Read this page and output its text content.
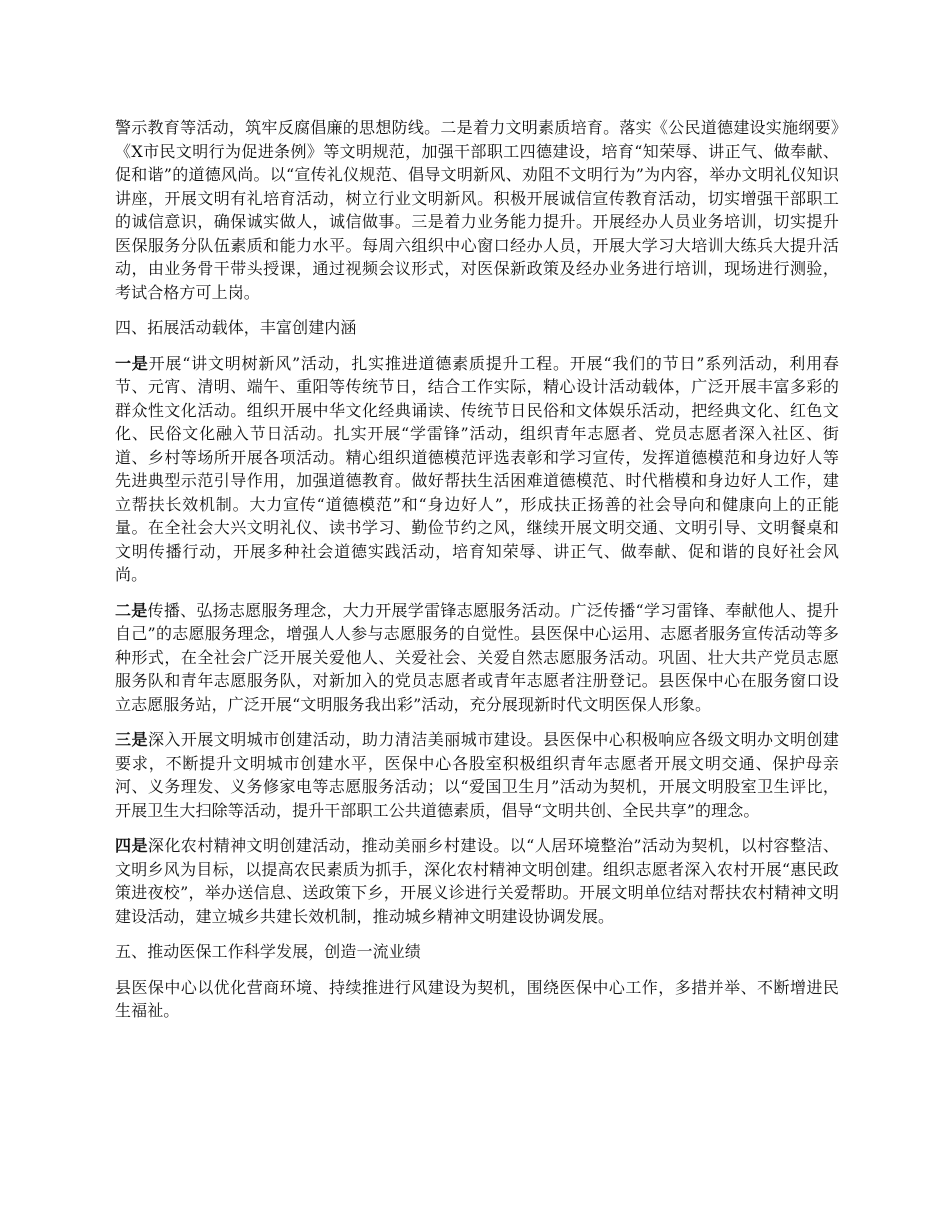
警示教育等活动，筑牢反腐倡廉的思想防线。二是着力文明素质培育。落实《公民道德建设实施纲要》《X市民文明行为促进条例》等文明规范，加强干部职工四德建设，培育“知荣辱、讲正气、做奉献、促和谐”的道德风尚。以“宣传礼仪规范、倡导文明新风、劝阻不文明行为”为内容，举办文明礼仪知识讲座，开展文明有礼培育活动，树立行业文明新风。积极开展诚信宣传教育活动，切实增强干部职工的诚信意识，确保诚实做人，诚信做事。三是着力业务能力提升。开展经办人员业务培训，切实提升医保服务分队伍素质和能力水平。每周六组织中心窗口经办人员，开展大学习大培训大练兵大提升活动，由业务骨干带头授课，通过视频会议形式，对医保新政策及经办业务进行培训，现场进行测验，考试合格方可上岗。

四、拓展活动载体，丰富创建内涵

一是开展“讲文明树新风”活动，扎实推进道德素质提升工程。开展“我们的节日”系列活动，利用春节、元宵、清明、端午、重阳等传统节日，结合工作实际，精心设计活动载体，广泛开展丰富多彩的群众性文化活动。组织开展中华文化经典诵读、传统节日民俗和文体娱乐活动，把经典文化、红色文化、民俗文化融入节日活动。扎实开展“学雷锋”活动，组织青年志愿者、党员志愿者深入社区、街道、乡村等场所开展各项活动。精心组织道德模范评选表彰和学习宣传，发挥道德模范和身边好人等先进典型示范引导作用，加强道德教育。做好帮扶生活困难道德模范、时代楷模和身边好人工作，建立帮扶长效机制。大力宣传“道德模范”和“身边好人”，形成扶正扬善的社会导向和健康向上的正能量。在全社会大兴文明礼仪、读书学习、勤俭节约之风，继续开展文明交通、文明引导、文明餐桌和文明传播行动，开展多种社会道德实践活动，培育知荣辱、讲正气、做奉献、促和谐的良好社会风尚。

二是传播、弘扬志愿服务理念，大力开展学雷锋志愿服务活动。广泛传播“学习雷锋、奉献他人、提升自己”的志愿服务理念，增强人人参与志愿服务的自觉性。县医保中心运用、志愿者服务宣传活动等多种形式，在全社会广泛开展关爱他人、关爱社会、关爱自然志愿服务活动。巩固、壮大共产党员志愿服务队和青年志愿服务队，对新加入的党员志愿者或青年志愿者注册登记。县医保中心在服务窗口设立志愿服务站，广泛开展“文明服务我出彩”活动，充分展现新时代文明医保人形象。

三是深入开展文明城市创建活动，助力清洁美丽城市建设。县医保中心积极响应各级文明办文明创建要求，不断提升文明城市创建水平，医保中心各股室积极组织青年志愿者开展文明交通、保护母亲河、义务理发、义务修家电等志愿服务活动；以“爱国卫生月”活动为契机，开展文明股室卫生评比，开展卫生大扫除等活动，提升干部职工公共道德素质，倡导“文明共创、全民共享”的理念。

四是深化农村精神文明创建活动，推动美丽乡村建设。以“人居环境整治”活动为契机，以村容整洁、文明乡风为目标，以提高农民素质为抓手，深化农村精神文明创建。组织志愿者深入农村开展“惠民政策进夜校”，举办送信息、送政策下乡，开展义诊进行关爱帮助。开展文明单位结对帮扶农村精神文明建设活动，建立城乡共建长效机制，推动城乡精神文明建设协调发展。

五、推动医保工作科学发展，创造一流业绩

县医保中心以优化营商环境、持续推进行风建设为契机，围绕医保中心工作，多措并举、不断增进民生福祉。
